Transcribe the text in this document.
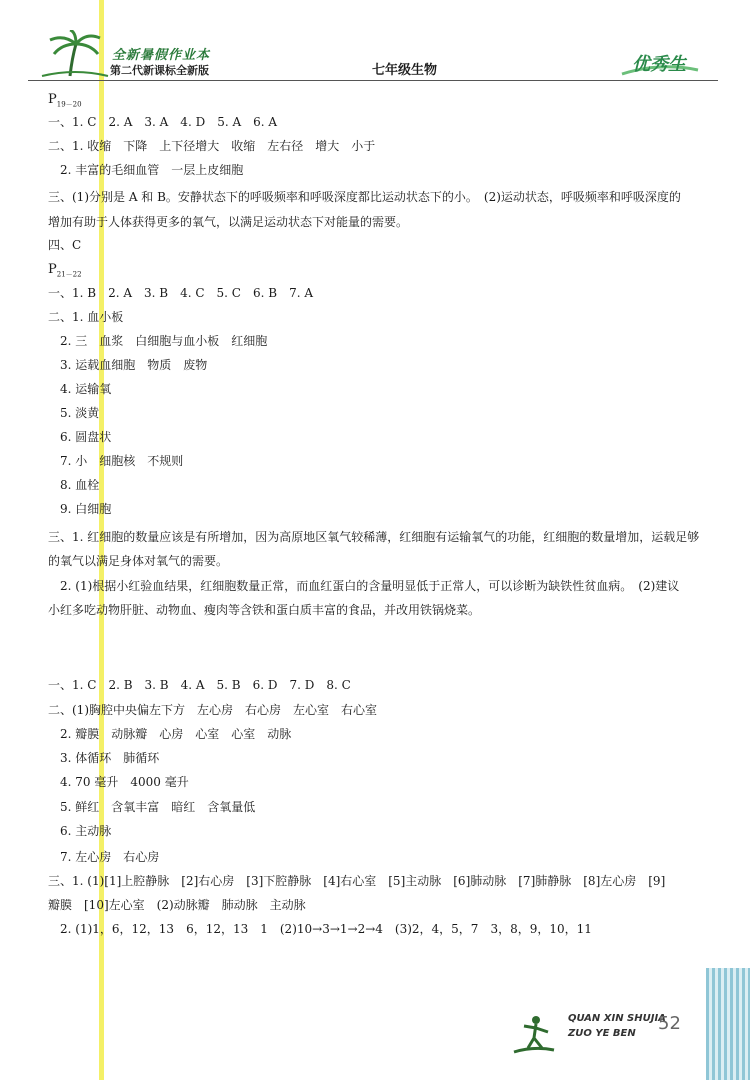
全新暑假作业本
第二代新课标全新版	七年级生物	优秀生
$P_{19-20}$
一、1. C　2. A　3. A　4. D　5. A　6. A
二、1. 收缩　下降　上下径增大　收缩　左右径　增大　小于
　2. 丰富的毛细血管　一层上皮细胞
三、(1)分别是 A 和 B。安静状态下的呼吸频率和呼吸深度都比运动状态下的小。　(2)运动状态，呼吸频率和呼吸深度的
增加有助于人体获得更多的氧气，以满足运动状态下对能量的需要。
四、C
$P_{21-22}$
一、1. B　2. A　3. B　4. C　5. C　6. B　7. A
二、1. 血小板
　2. 三　血浆　白细胞与血小板　红细胞
　3. 运载血细胞　物质　废物
　4. 运输氧
　5. 淡黄
　6. 圆盘状
　7. 小　细胞核　不规则
　8. 血栓
　9. 白细胞
三、1. 红细胞的数量应该是有所增加，因为高原地区氧气较稀薄，红细胞有运输氧气的功能，红细胞的数量增加，运载足够
的氧气以满足身体对氧气的需要。
　2. (1)根据小红验血结果，红细胞数量正常，而血红蛋白的含量明显低于正常人，可以诊断为缺铁性贫血病。　(2)建议
小红多吃动物肝脏、动物血、瘦肉等含铁和蛋白质丰富的食品，并改用铁锅烧菜。
一、1. C　2. B　3. B　4. A　5. B　6. D　7. D　8. C
二、(1)胸腔中央偏左下方　左心房　右心房　左心室　右心室
　2. 瓣膜　动脉瓣　心房　心室　心室　动脉
　3. 体循环　肺循环
　4. 70 毫升　4000 毫升
　5. 鲜红　含氧丰富　暗红　含氧量低
　6. 主动脉
　7. 左心房　右心房
三、1. (1)[1]上腔静脉　[2]右心房　[3]下腔静脉　[4]右心室　[5]主动脉　[6]肺动脉　[7]肺静脉　[8]左心房　[9]
瓣膜　[10]左心室　(2)动脉瓣　肺动脉　主动脉
　2. (1)1，6，12，13　6，12，13　1　(2)10→3→1→2→4　(3)2，4，5，7　3，8，9，10，11
QUAN XIN SHUJIA
ZUO YE BEN 52
